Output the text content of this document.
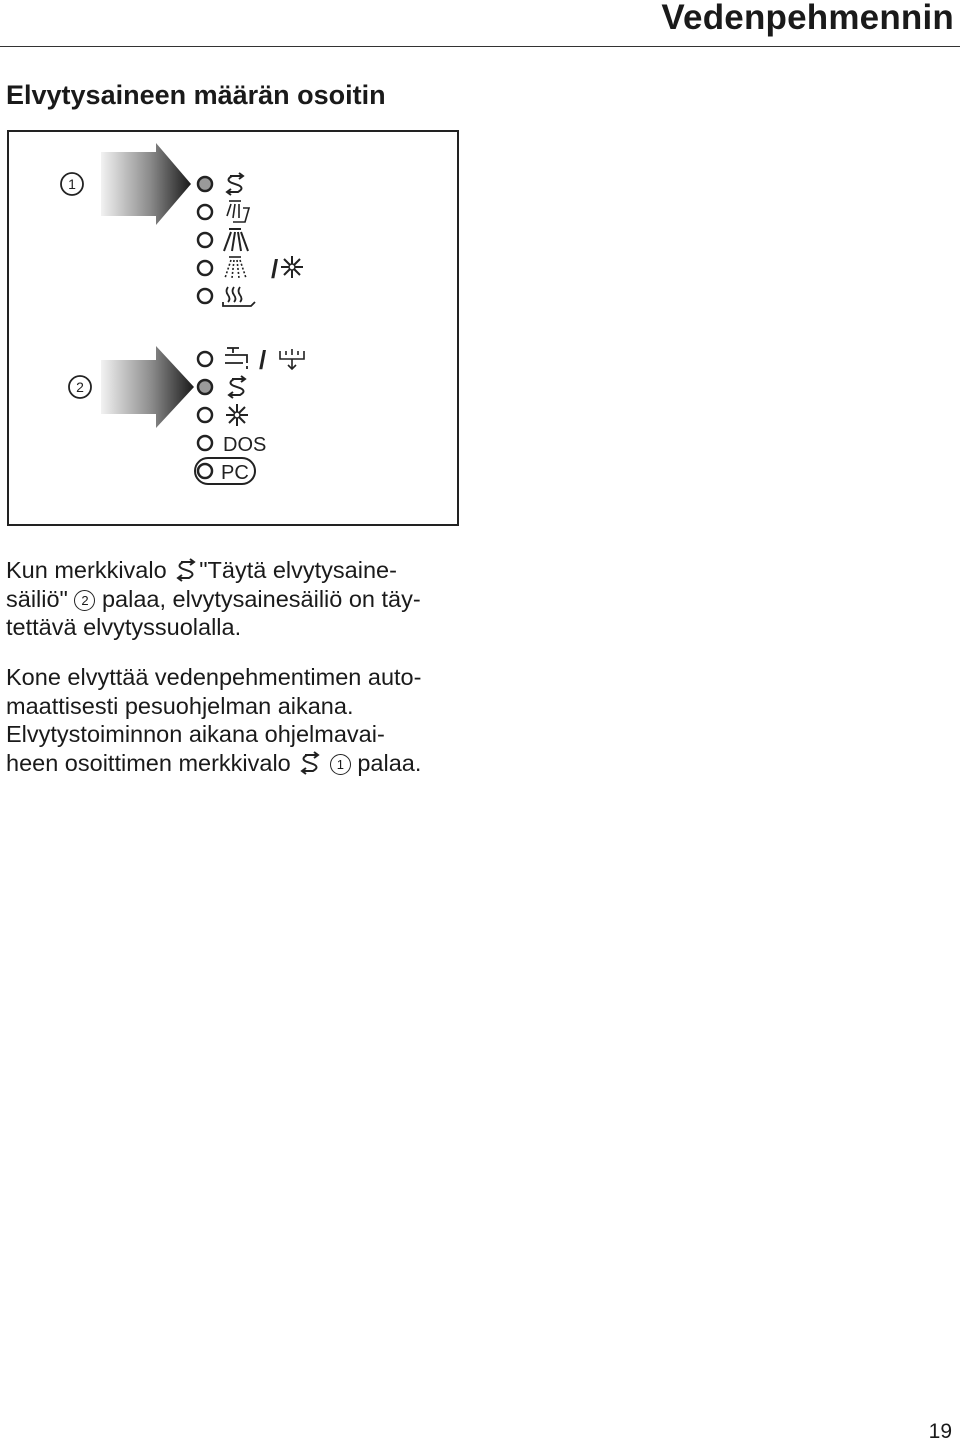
Vedenpehmennin
Elvytysaineen määrän osoitin
1
/
2
/
DOS
PC
Kun merkkivalo "Täytä elvytysaine-
säiliö" 2 palaa, elvytysainesäiliö on täy-
tettävä elvytyssuolalla.
Kone elvyttää vedenpehmentimen auto-
maattisesti pesuohjelman aikana.
Elvytystoiminnon aikana ohjelmavai-
heen osoittimen merkkivalo	1 palaa.
19
